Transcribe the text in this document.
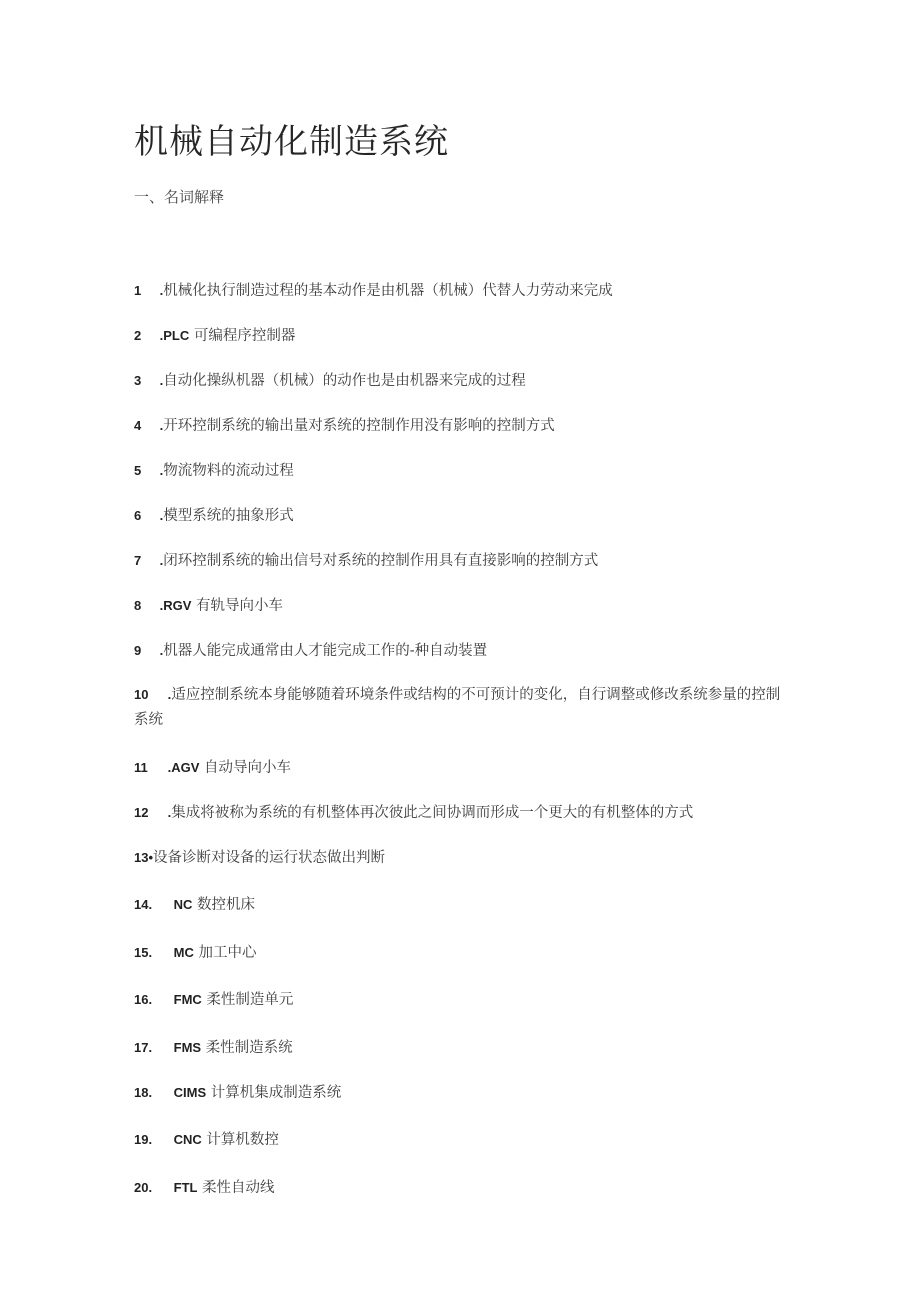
机械自动化制造系统
一、名词解释
1 .机械化执行制造过程的基本动作是由机器（机械）代替人力劳动来完成
2 .PLC 可编程序控制器
3 .自动化操纵机器（机械）的动作也是由机器来完成的过程
4 .开环控制系统的输出量对系统的控制作用没有影响的控制方式
5 .物流物料的流动过程
6 .模型系统的抽象形式
7 .闭环控制系统的输出信号对系统的控制作用具有直接影响的控制方式
8 .RGV 有轨导向小车
9 .机器人能完成通常由人才能完成工作的-种自动装置
10 .适应控制系统本身能够随着环境条件或结构的不可预计的变化，自行调整或修改系统参量的控制系统
11 .AGV 自动导向小车
12 .集成将被称为系统的有机整体再次彼此之间协调而形成一个更大的有机整体的方式
13•设备诊断对设备的运行状态做出判断
14. NC 数控机床
15. MC 加工中心
16. FMC 柔性制造单元
17. FMS 柔性制造系统
18. CIMS 计算机集成制造系统
19. CNC 计算机数控
20. FTL 柔性自动线
